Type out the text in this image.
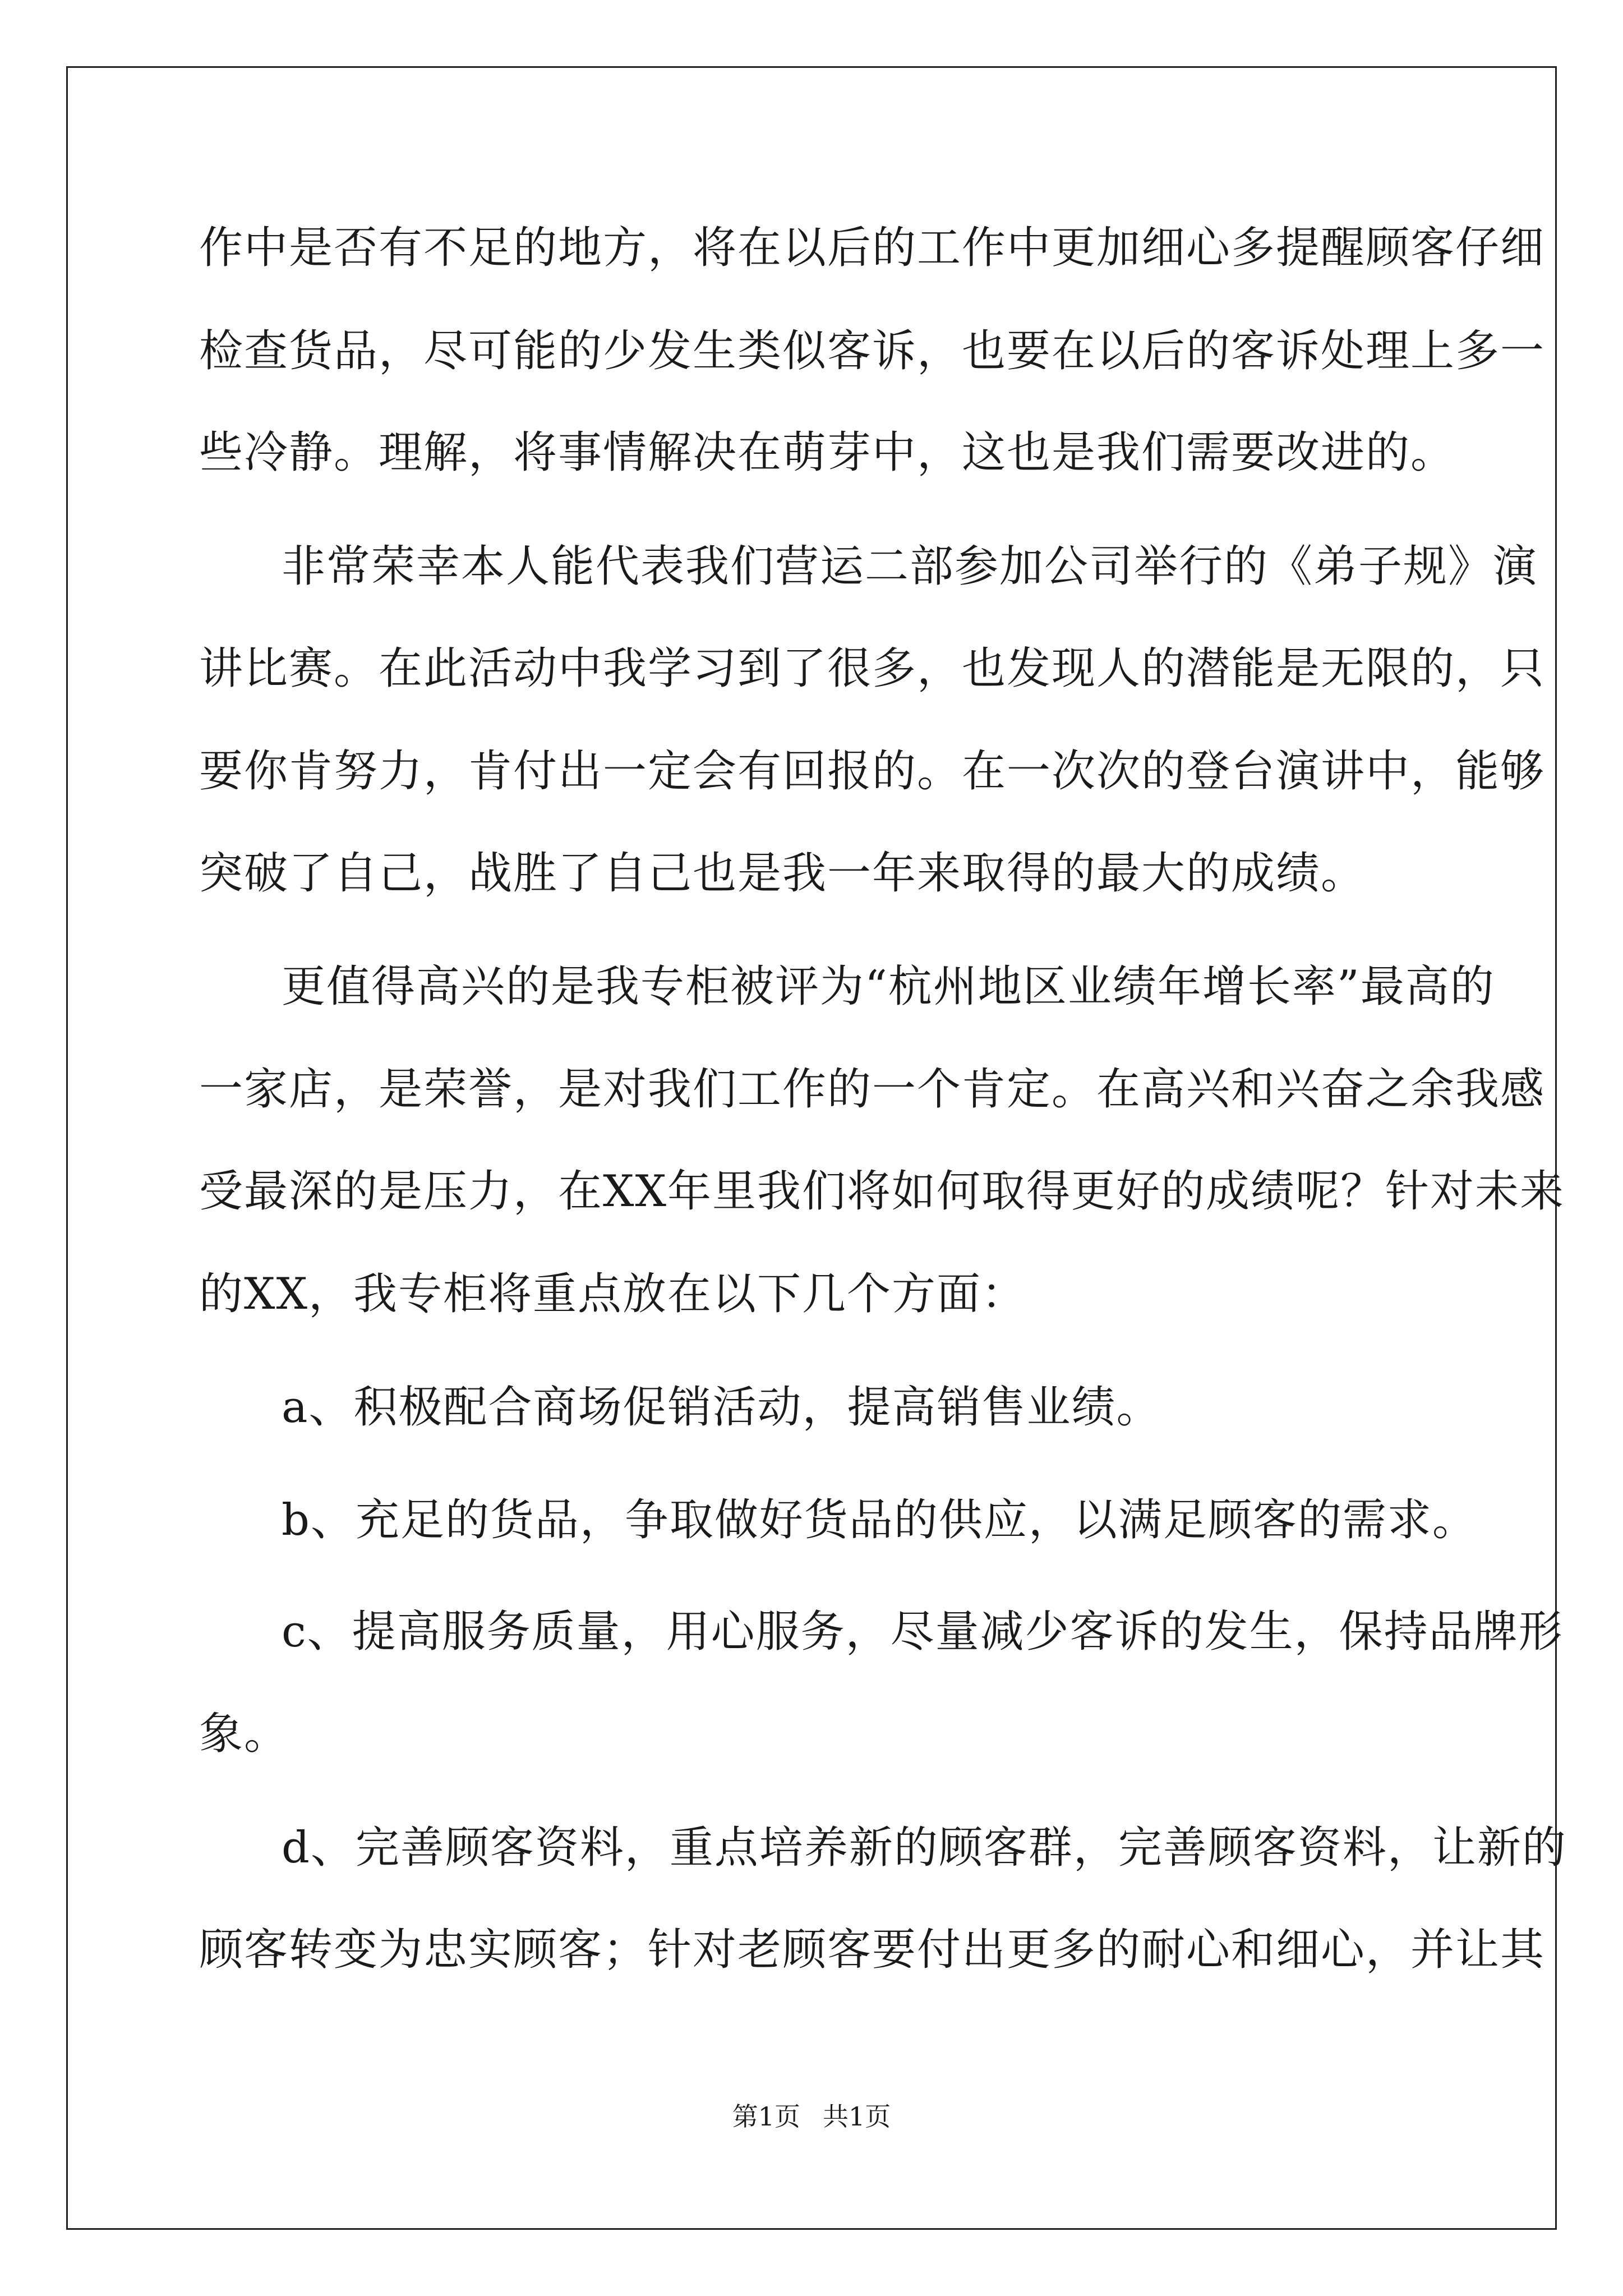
作中是否有不足的地方，将在以后的工作中更加细心多提醒顾客仔细
检查货品，尽可能的少发生类似客诉，也要在以后的客诉处理上多一
些冷静。理解，将事情解决在萌芽中，这也是我们需要改进的。
非常荣幸本人能代表我们营运二部参加公司举行的《弟子规》演
讲比赛。在此活动中我学习到了很多，也发现人的潜能是无限的，只
要你肯努力，肯付出一定会有回报的。在一次次的登台演讲中，能够
突破了自己，战胜了自己也是我一年来取得的最大的成绩。
更值得高兴的是我专柜被评为“杭州地区业绩年增长率”最高的
一家店，是荣誉，是对我们工作的一个肯定。在高兴和兴奋之余我感
受最深的是压力，在XX年里我们将如何取得更好的成绩呢？针对未来
的XX，我专柜将重点放在以下几个方面：
a、积极配合商场促销活动，提高销售业绩。
b、充足的货品，争取做好货品的供应，以满足顾客的需求。
c、提高服务质量，用心服务，尽量减少客诉的发生，保持品牌形
象。
d、完善顾客资料，重点培养新的顾客群，完善顾客资料，让新的
顾客转变为忠实顾客；针对老顾客要付出更多的耐心和细心，并让其
第1页 共1页
